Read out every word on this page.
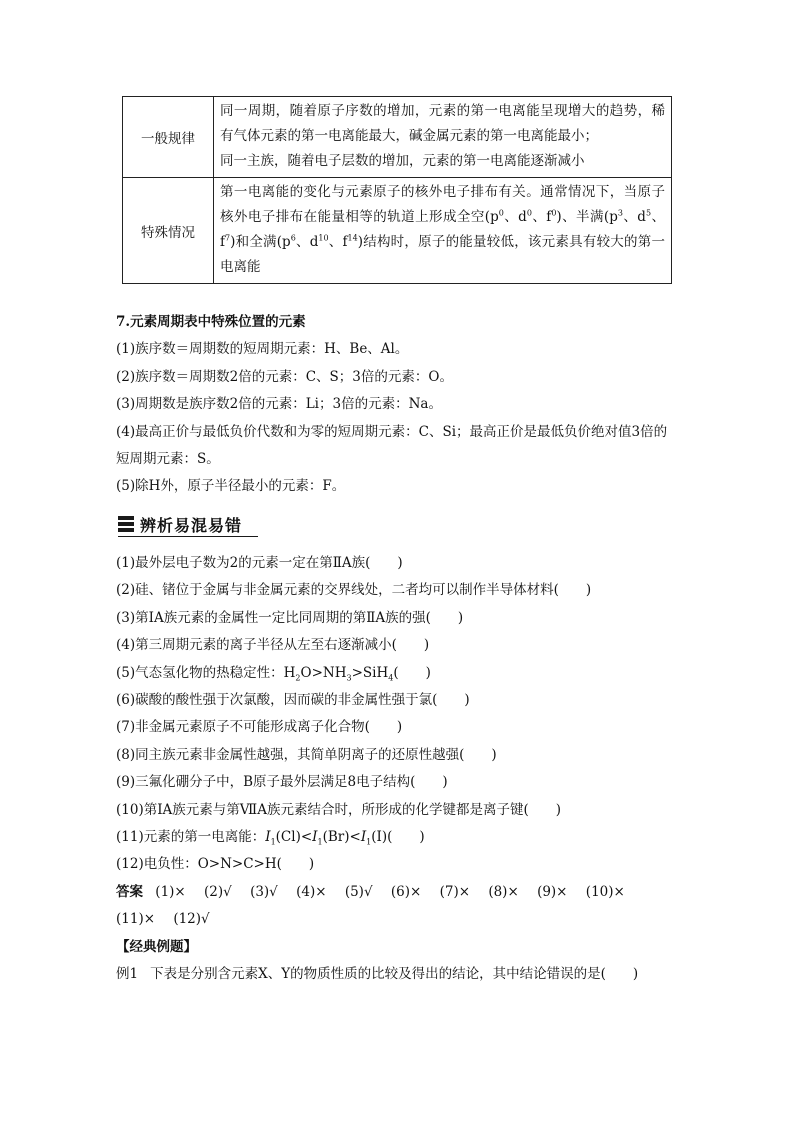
一般规律	同一周期，随着原子序数的增加，元素的第一电离能呈现增大的趋势，稀有气体元素的第一电离能最大，碱金属元素的第一电离能最小；
同一主族，随着电子层数的增加，元素的第一电离能逐渐减小

特殊情况	第一电离能的变化与元素原子的核外电子排布有关。通常情况下，当原子核外电子排布在能量相等的轨道上形成全空($p^0$、$d^0$、$f^0$)、半满($p^3$、$d^5$、$f^7$)和全满($p^6$、$d^{10}$、$f^{14}$)结构时，原子的能量较低，该元素具有较大的第一电离能

7.元素周期表中特殊位置的元素

(1)族序数＝周期数的短周期元素：H、Be、Al。

(2)族序数＝周期数2倍的元素：C、S；3倍的元素：O。

(3)周期数是族序数2倍的元素：Li；3倍的元素：Na。

(4)最高正价与最低负价代数和为零的短周期元素：C、Si；最高正价是最低负价绝对值3倍的短周期元素：S。

(5)除H外，原子半径最小的元素：F。

辨析易混易错

(1)最外层电子数为2的元素一定在第ⅡA族(　　)

(2)硅、锗位于金属与非金属元素的交界线处，二者均可以制作半导体材料(　　)

(3)第ⅠA族元素的金属性一定比同周期的第ⅡA族的强(　　)

(4)第三周期元素的离子半径从左至右逐渐减小(　　)

(5)气态氢化物的热稳定性：$H_2O>NH_3>SiH_4$(　　)

(6)碳酸的酸性强于次氯酸，因而碳的非金属性强于氯(　　)

(7)非金属元素原子不可能形成离子化合物(　　)

(8)同主族元素非金属性越强，其简单阴离子的还原性越强(　　)

(9)三氟化硼分子中，B原子最外层满足8电子结构(　　)

(10)第ⅠA族元素与第ⅦA族元素结合时，所形成的化学键都是离子键(　　)

(11)元素的第一电离能：$I_1(Cl)<I_1(Br)<I_1(I)$(　　)

(12)电负性：O>N>C>H(　　)

答案 (1)× (2)√ (3)√ (4)× (5)√ (6)× (7)× (8)× (9)× (10)× (11)× (12)√

【经典例题】

例1 下表是分别含元素X、Y的物质性质的比较及得出的结论，其中结论错误的是(　　)
